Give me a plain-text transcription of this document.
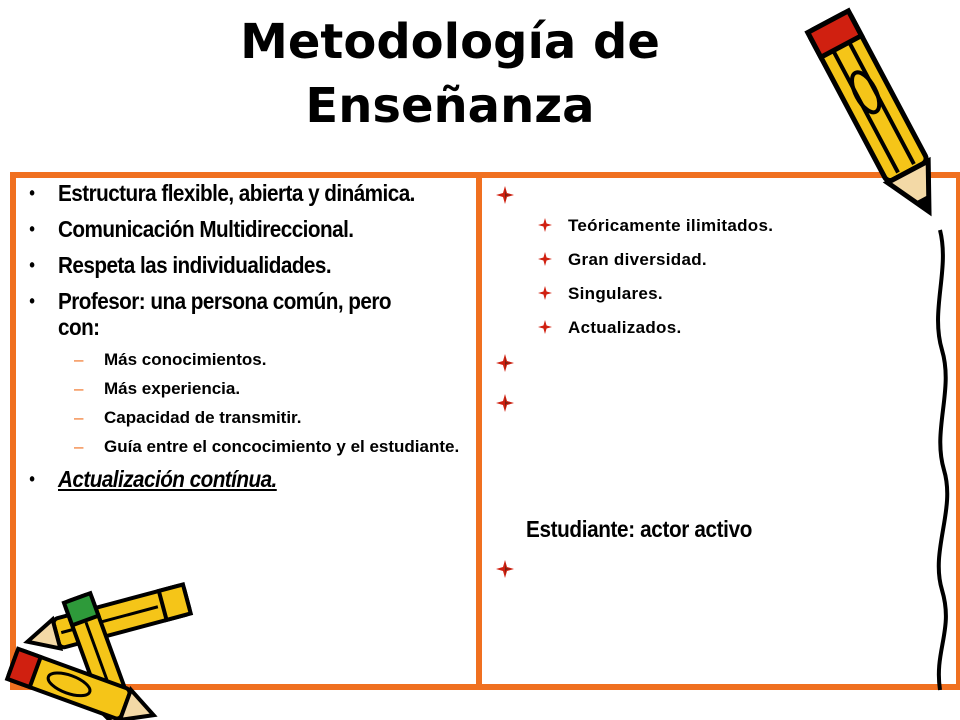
Metodología de
Enseñanza
• Estructura flexible, abierta y dinámica.
• Comunicación Multidireccional.
• Respeta las individualidades.
• Profesor: una persona común, pero con:
– Más conocimientos.
– Más experiencia.
– Capacidad de transmitir.
– Guía entre el concocimiento y el estudiante.
• Actualización contínua.
Teóricamente ilimitados.
Gran diversidad.
Singulares.
Actualizados.
Estudiante: actor activo
